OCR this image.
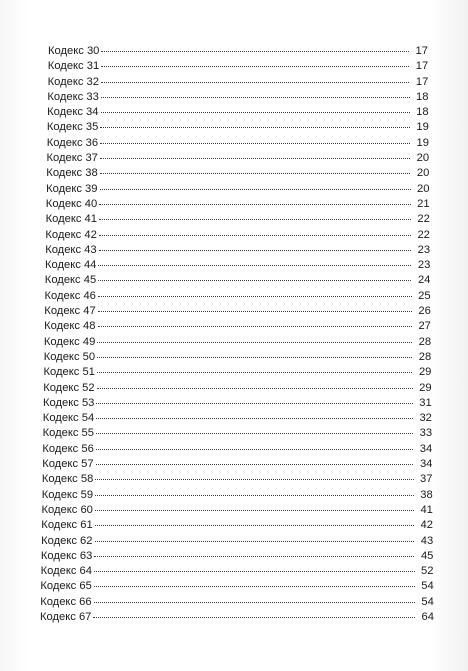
Кодекс 30	17
Кодекс 31	17
Кодекс 32	17
Кодекс 33	18
Кодекс 34	18
Кодекс 35	19
Кодекс 36	19
Кодекс 37	20
Кодекс 38	20
Кодекс 39	20
Кодекс 40	21
Кодекс 41	22
Кодекс 42	22
Кодекс 43	23
Кодекс 44	23
Кодекс 45	24
Кодекс 46	25
Кодекс 47	26
Кодекс 48	27
Кодекс 49	28
Кодекс 50	28
Кодекс 51	29
Кодекс 52	29
Кодекс 53	31
Кодекс 54	32
Кодекс 55	33
Кодекс 56	34
Кодекс 57	34
Кодекс 58	37
Кодекс 59	38
Кодекс 60	41
Кодекс 61	42
Кодекс 62	43
Кодекс 63	45
Кодекс 64	52
Кодекс 65	54
Кодекс 66	54
Кодекс 67	64
